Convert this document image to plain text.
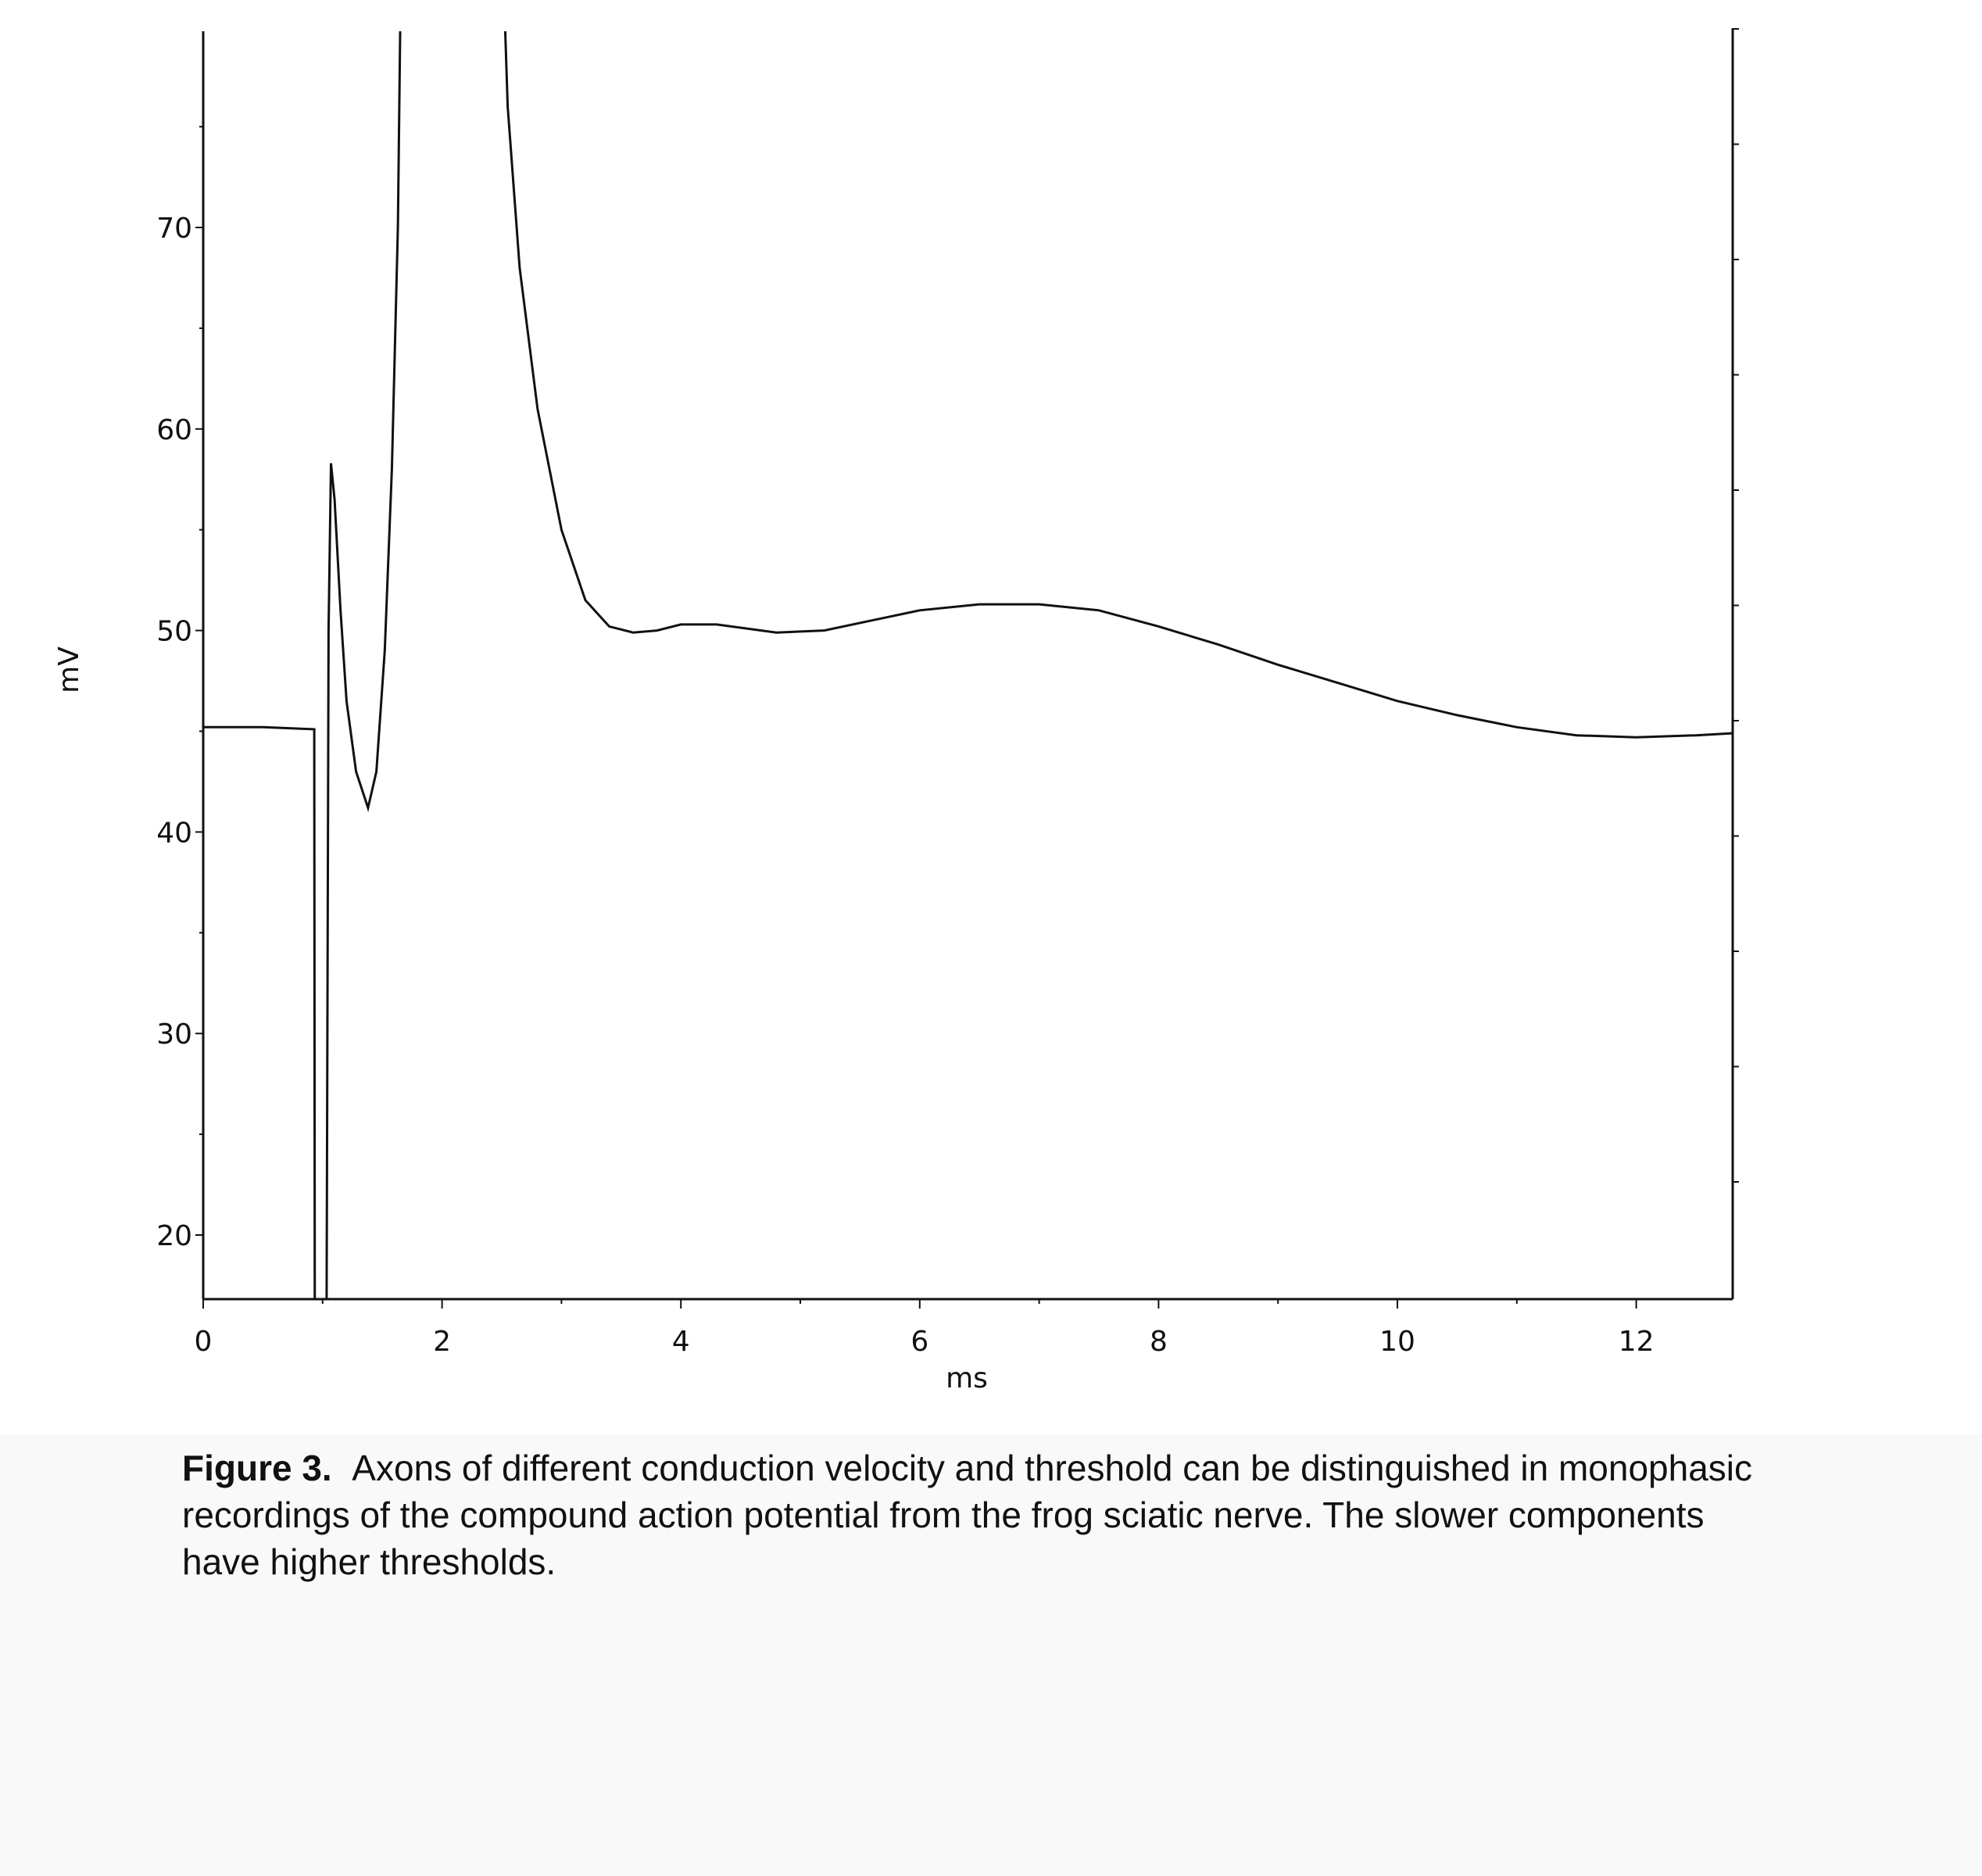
20
30
40
50
60
70
0	2	4	6	8	10	12
ms
mV
Figure 3. Axons of different conduction velocity and threshold can be distinguished in monophasic recordings of the compound action potential from the frog sciatic nerve. The slower components have higher thresholds.
